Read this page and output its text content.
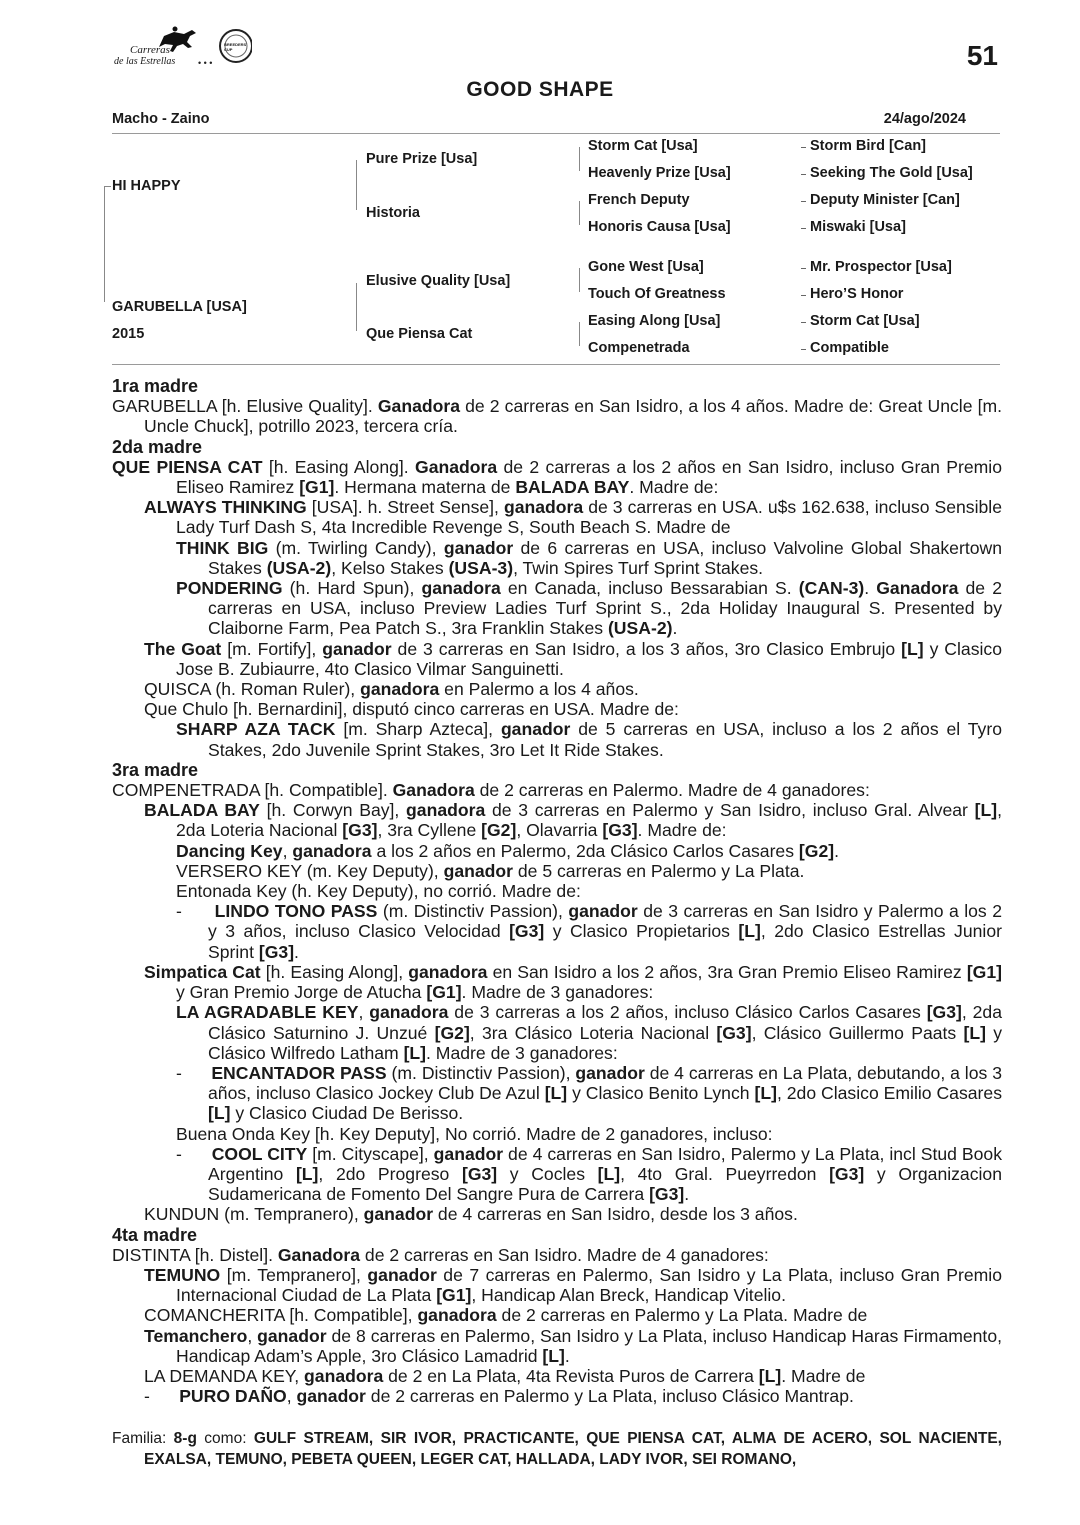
• • •
Carreras
de las Estrellas
BREEDERS' CUP	51
GOOD SHAPE
Macho - Zaino	24/ago/2024
HI HAPPY
GARUBELLA [USA]
2015
Pure Prize [Usa]
Historia
Elusive Quality [Usa]
Que Piensa Cat
Storm Cat [Usa]
Heavenly Prize [Usa]
French Deputy
Honoris Causa [Usa]
Gone West [Usa]
Touch Of Greatness
Easing Along [Usa]
Compenetrada
Storm Bird [Can]
Seeking The Gold [Usa]
Deputy Minister [Can]
Miswaki [Usa]
Mr. Prospector [Usa]
Hero’S Honor
Storm Cat [Usa]
Compatible

1ra madre

GARUBELLA [h. Elusive Quality]. Ganadora de 2 carreras en San Isidro, a los 4 años. Madre de: Great Uncle [m. Uncle Chuck], potrillo 2023, tercera cría.

2da madre

QUE PIENSA CAT [h. Easing Along]. Ganadora de 2 carreras a los 2 años en San Isidro, incluso Gran Premio Eliseo Ramirez [G1]. Hermana materna de BALADA BAY. Madre de:

ALWAYS THINKING [USA]. h. Street Sense], ganadora de 3 carreras en USA. u$s 162.638, incluso Sensible Lady Turf Dash S, 4ta Incredible Revenge S, South Beach S. Madre de

THINK BIG (m. Twirling Candy), ganador de 6 carreras en USA, incluso Valvoline Global Shakertown Stakes (USA-2), Kelso Stakes (USA-3), Twin Spires Turf Sprint Stakes.

PONDERING (h. Hard Spun), ganadora en Canada, incluso Bessarabian S. (CAN-3). Ganadora de 2 carreras en USA, incluso Preview Ladies Turf Sprint S., 2da Holiday Inaugural S. Presented by Claiborne Farm, Pea Patch S., 3ra Franklin Stakes (USA-2).

The Goat [m. Fortify], ganador de 3 carreras en San Isidro, a los 3 años, 3ro Clasico Embrujo [L] y Clasico Jose B. Zubiaurre, 4to Clasico Vilmar Sanguinetti.

QUISCA (h. Roman Ruler), ganadora en Palermo a los 4 años.

Que Chulo [h. Bernardini], disputó cinco carreras en USA. Madre de:

SHARP AZA TACK [m. Sharp Azteca], ganador de 5 carreras en USA, incluso a los 2 años el Tyro Stakes, 2do Juvenile Sprint Stakes, 3ro Let It Ride Stakes.

3ra madre

COMPENETRADA [h. Compatible]. Ganadora de 2 carreras en Palermo. Madre de 4 ganadores:

BALADA BAY [h. Corwyn Bay], ganadora de 3 carreras en Palermo y San Isidro, incluso Gral. Alvear [L], 2da Loteria Nacional [G3], 3ra Cyllene [G2], Olavarria [G3]. Madre de:

Dancing Key, ganadora a los 2 años en Palermo, 2da Clásico Carlos Casares [G2].

VERSERO KEY (m. Key Deputy), ganador de 5 carreras en Palermo y La Plata.

Entonada Key (h. Key Deputy), no corrió. Madre de:

-      LINDO TONO PASS (m. Distinctiv Passion), ganador de 3 carreras en San Isidro y Palermo a los 2 y 3 años, incluso Clasico Velocidad [G3] y Clasico Propietarios [L], 2do Clasico Estrellas Junior Sprint [G3].

Simpatica Cat [h. Easing Along], ganadora en San Isidro a los 2 años, 3ra Gran Premio Eliseo Ramirez [G1] y Gran Premio Jorge de Atucha [G1]. Madre de 3 ganadores:

LA AGRADABLE KEY, ganadora de 3 carreras a los 2 años, incluso Clásico Carlos Casares [G3], 2da Clásico Saturnino J. Unzué [G2], 3ra Clásico Loteria Nacional [G3], Clásico Guillermo Paats [L] y Clásico Wilfredo Latham [L]. Madre de 3 ganadores:

-      ENCANTADOR PASS (m. Distinctiv Passion), ganador de 4 carreras en La Plata, debutando, a los 3 años, incluso Clasico Jockey Club De Azul [L] y Clasico Benito Lynch [L], 2do Clasico Emilio Casares [L] y Clasico Ciudad De Berisso.

Buena Onda Key [h. Key Deputy], No corrió. Madre de 2 ganadores, incluso:

-      COOL CITY [m. Cityscape], ganador de 4 carreras en San Isidro, Palermo y La Plata, incl Stud Book Argentino [L], 2do Progreso [G3] y Cocles [L], 4to Gral. Pueyrredon [G3] y Organizacion Sudamericana de Fomento Del Sangre Pura de Carrera [G3].

KUNDUN (m. Tempranero), ganador de 4 carreras en San Isidro, desde los 3 años.

4ta madre

DISTINTA [h. Distel]. Ganadora de 2 carreras en San Isidro. Madre de 4 ganadores:

TEMUNO [m. Tempranero], ganador de 7 carreras en Palermo, San Isidro y La Plata, incluso Gran Premio Internacional Ciudad de La Plata [G1], Handicap Alan Breck, Handicap Vitelio.

COMANCHERITA [h. Compatible], ganadora de 2 carreras en Palermo y La Plata. Madre de

Temanchero, ganador de 8 carreras en Palermo, San Isidro y La Plata, incluso Handicap Haras Firmamento, Handicap Adam’s Apple, 3ro Clásico Lamadrid [L].

LA DEMANDA KEY, ganadora de 2 en La Plata, 4ta Revista Puros de Carrera [L]. Madre de

-      PURO DAÑO, ganador de 2 carreras en Palermo y La Plata, incluso Clásico Mantrap.

Familia: 8-g como: GULF STREAM, SIR IVOR, PRACTICANTE, QUE PIENSA CAT, ALMA DE ACERO, SOL NACIENTE, EXALSA, TEMUNO, PEBETA QUEEN, LEGER CAT, HALLADA, LADY IVOR, SEI ROMANO,
